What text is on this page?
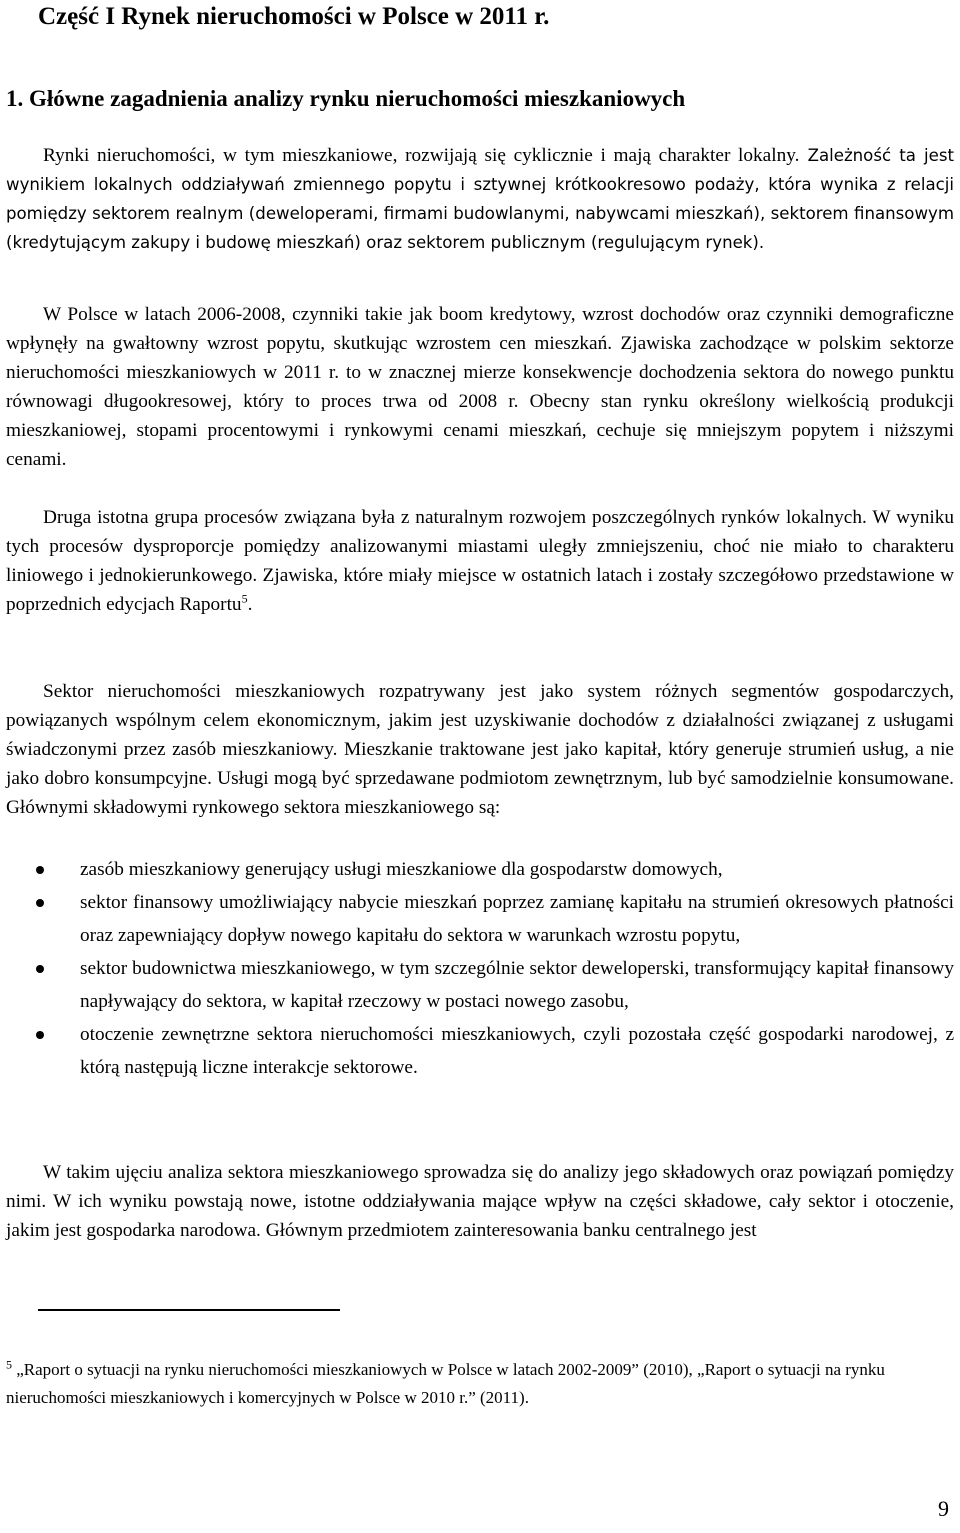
Część I Rynek nieruchomości w Polsce w 2011 r.
1. Główne zagadnienia analizy rynku nieruchomości mieszkaniowych
Rynki nieruchomości, w tym mieszkaniowe, rozwijają się cyklicznie i mają charakter lokalny. Zależność ta jest wynikiem lokalnych oddziaływań zmiennego popytu i sztywnej krótkookresowo podaży, która wynika z relacji pomiędzy sektorem realnym (deweloperami, firmami budowlanymi, nabywcami mieszkań), sektorem finansowym (kredytującym zakupy i budowę mieszkań) oraz sektorem publicznym (regulującym rynek).
W Polsce w latach 2006-2008, czynniki takie jak boom kredytowy, wzrost dochodów oraz czynniki demograficzne wpłynęły na gwałtowny wzrost popytu, skutkując wzrostem cen mieszkań. Zjawiska zachodzące w polskim sektorze nieruchomości mieszkaniowych w 2011 r. to w znacznej mierze konsekwencje dochodzenia sektora do nowego punktu równowagi długookresowej, który to proces trwa od 2008 r. Obecny stan rynku określony wielkością produkcji mieszkaniowej, stopami procentowymi i rynkowymi cenami mieszkań, cechuje się mniejszym popytem i niższymi cenami.
Druga istotna grupa procesów związana była z naturalnym rozwojem poszczególnych rynków lokalnych. W wyniku tych procesów dysproporcje pomiędzy analizowanymi miastami uległy zmniejszeniu, choć nie miało to charakteru liniowego i jednokierunkowego. Zjawiska, które miały miejsce w ostatnich latach i zostały szczegółowo przedstawione w poprzednich edycjach Raportu$^5$.
Sektor nieruchomości mieszkaniowych rozpatrywany jest jako system różnych segmentów gospodarczych, powiązanych wspólnym celem ekonomicznym, jakim jest uzyskiwanie dochodów z działalności związanej z usługami świadczonymi przez zasób mieszkaniowy. Mieszkanie traktowane jest jako kapitał, który generuje strumień usług, a nie jako dobro konsumpcyjne. Usługi mogą być sprzedawane podmiotom zewnętrznym, lub być samodzielnie konsumowane. Głównymi składowymi rynkowego sektora mieszkaniowego są:
zasób mieszkaniowy generujący usługi mieszkaniowe dla gospodarstw domowych,
sektor finansowy umożliwiający nabycie mieszkań poprzez zamianę kapitału na strumień okresowych płatności oraz zapewniający dopływ nowego kapitału do sektora w warunkach wzrostu popytu,
sektor budownictwa mieszkaniowego, w tym szczególnie sektor deweloperski, transformujący kapitał finansowy napływający do sektora, w kapitał rzeczowy w postaci nowego zasobu,
otoczenie zewnętrzne sektora nieruchomości mieszkaniowych, czyli pozostała część gospodarki narodowej, z którą następują liczne interakcje sektorowe.
W takim ujęciu analiza sektora mieszkaniowego sprowadza się do analizy jego składowych oraz powiązań pomiędzy nimi. W ich wyniku powstają nowe, istotne oddziaływania mające wpływ na części składowe, cały sektor i otoczenie, jakim jest gospodarka narodowa. Głównym przedmiotem zainteresowania banku centralnego jest
$^5$ „Raport o sytuacji na rynku nieruchomości mieszkaniowych w Polsce w latach 2002-2009” (2010), „Raport o sytuacji na rynku nieruchomości mieszkaniowych i komercyjnych w Polsce w 2010 r.” (2011).
9
